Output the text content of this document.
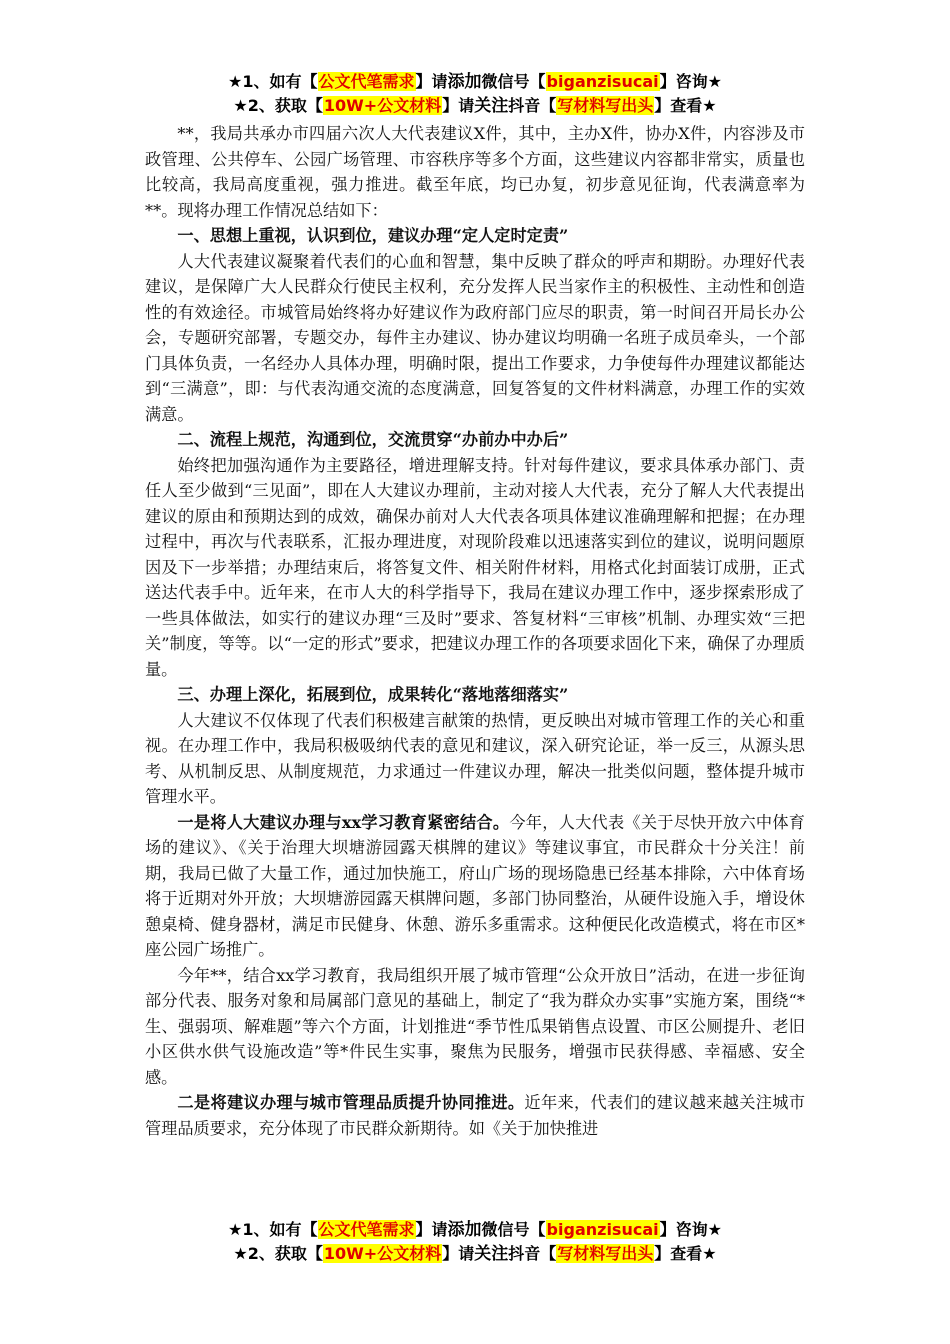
★1、如有【公文代笔需求】请添加微信号【biganzisucai】咨询★
★2、获取【10W+公文材料】请关注抖音【写材料写出头】查看★

**，我局共承办市四届六次人大代表建议X件，其中，主办X件，协办X件，内容涉及市政管理、公共停车、公园广场管理、市容秩序等多个方面，这些建议内容都非常实，质量也比较高，我局高度重视，强力推进。截至年底，均已办复，初步意见征询，代表满意率为**。现将办理工作情况总结如下：

一、思想上重视，认识到位，建议办理“定人定时定责”

人大代表建议凝聚着代表们的心血和智慧，集中反映了群众的呼声和期盼。办理好代表建议，是保障广大人民群众行使民主权利，充分发挥人民当家作主的积极性、主动性和创造性的有效途径。市城管局始终将办好建议作为政府部门应尽的职责，第一时间召开局长办公会，专题研究部署，专题交办，每件主办建议、协办建议均明确一名班子成员牵头，一个部门具体负责，一名经办人具体办理，明确时限，提出工作要求，力争使每件办理建议都能达到“三满意”，即：与代表沟通交流的态度满意，回复答复的文件材料满意，办理工作的实效满意。

二、流程上规范，沟通到位，交流贯穿“办前办中办后”

始终把加强沟通作为主要路径，增进理解支持。针对每件建议，要求具体承办部门、责任人至少做到“三见面”，即在人大建议办理前，主动对接人大代表，充分了解人大代表提出建议的原由和预期达到的成效，确保办前对人大代表各项具体建议准确理解和把握；在办理过程中，再次与代表联系，汇报办理进度，对现阶段难以迅速落实到位的建议，说明问题原因及下一步举措；办理结束后，将答复文件、相关附件材料，用格式化封面装订成册，正式送达代表手中。近年来，在市人大的科学指导下，我局在建议办理工作中，逐步探索形成了一些具体做法，如实行的建议办理“三及时”要求、答复材料“三审核”机制、办理实效“三把关”制度，等等。以“一定的形式”要求，把建议办理工作的各项要求固化下来，确保了办理质量。

三、办理上深化，拓展到位，成果转化“落地落细落实”

人大建议不仅体现了代表们积极建言献策的热情，更反映出对城市管理工作的关心和重视。在办理工作中，我局积极吸纳代表的意见和建议，深入研究论证，举一反三，从源头思考、从机制反思、从制度规范，力求通过一件建议办理，解决一批类似问题，整体提升城市管理水平。

一是将人大建议办理与xx学习教育紧密结合。今年，人大代表《关于尽快开放六中体育场的建议》、《关于治理大坝塘游园露天棋牌的建议》等建议事宜，市民群众十分关注！前期，我局已做了大量工作，通过加快施工，府山广场的现场隐患已经基本排除，六中体育场将于近期对外开放；大坝塘游园露天棋牌问题，多部门协同整治，从硬件设施入手，增设休憩桌椅、健身器材，满足市民健身、休憩、游乐多重需求。这种便民化改造模式，将在市区*座公园广场推广。

今年**，结合xx学习教育，我局组织开展了城市管理“公众开放日”活动，在进一步征询部分代表、服务对象和局属部门意见的基础上，制定了“我为群众办实事”实施方案，围绕“*生、强弱项、解难题”等六个方面，计划推进“季节性瓜果销售点设置、市区公厕提升、老旧小区供水供气设施改造”等*件民生实事，聚焦为民服务，增强市民获得感、幸福感、安全感。

二是将建议办理与城市管理品质提升协同推进。近年来，代表们的建议越来越关注城市管理品质要求，充分体现了市民群众新期待。如《关于加快推进

★1、如有【公文代笔需求】请添加微信号【biganzisucai】咨询★
★2、获取【10W+公文材料】请关注抖音【写材料写出头】查看★
